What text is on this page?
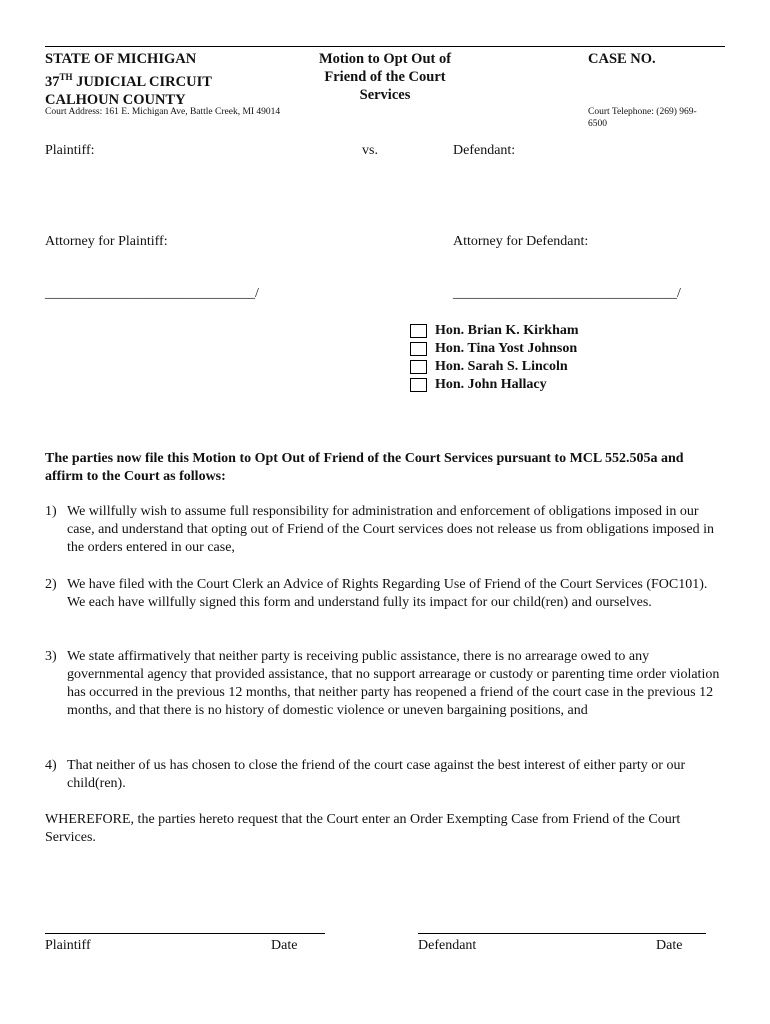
STATE OF MICHIGAN
37TH JUDICIAL CIRCUIT
CALHOUN COUNTY
Motion to Opt Out of
Friend of the Court
Services
CASE NO.
Court Address: 161 E. Michigan Ave, Battle Creek, MI 49014	Court Telephone: (269) 969-
6500
Plaintiff:	vs.	Defendant:
Attorney for Plaintiff:	Attorney for Defendant:
______________________________/	________________________________/
Hon. Brian K. Kirkham
Hon. Tina Yost Johnson
Hon. Sarah S. Lincoln
Hon. John Hallacy
The parties now file this Motion to Opt Out of Friend of the Court Services pursuant to MCL 552.505a and affirm to the Court as follows:
1) We willfully wish to assume full responsibility for administration and enforcement of obligations imposed in our case, and understand that opting out of Friend of the Court services does not release us from obligations imposed in the orders entered in our case,
2) We have filed with the Court Clerk an Advice of Rights Regarding Use of Friend of the Court Services (FOC101). We each have willfully signed this form and understand fully its impact for our child(ren) and ourselves.
3) We state affirmatively that neither party is receiving public assistance, there is no arrearage owed to any governmental agency that provided assistance, that no support arrearage or custody or parenting time order violation has occurred in the previous 12 months, that neither party has reopened a friend of the court case in the previous 12 months, and that there is no history of domestic violence or uneven bargaining positions, and
4) That neither of us has chosen to close the friend of the court case against the best interest of either party or our child(ren).
WHEREFORE, the parties hereto request that the Court enter an Order Exempting Case from Friend of the Court Services.
Plaintiff	Date	Defendant	Date
